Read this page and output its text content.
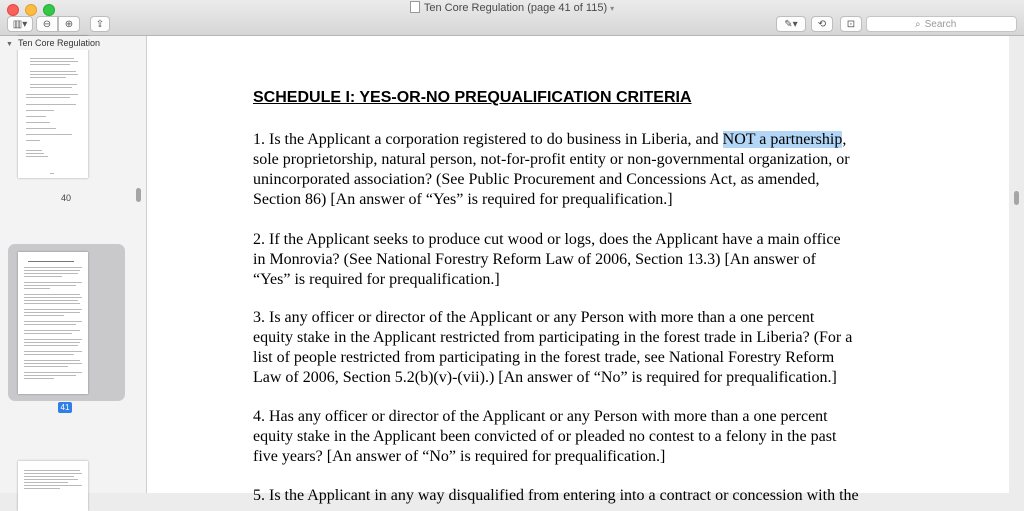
Ten Core Regulation (page 41 of 115) ▾
▥▾ ⊖ ⊕ ⇪	✎▾ ⟲ ⊡	⌕ Search
▼ Ten Core Regulation
40
41
SCHEDULE I: YES-OR-NO PREQUALIFICATION CRITERIA
1. Is the Applicant a corporation registered to do business in Liberia, and NOT a partnership,
sole proprietorship, natural person, not-for-profit entity or non-governmental organization, or
unincorporated association? (See Public Procurement and Concessions Act, as amended,
Section 86) [An answer of “Yes” is required for prequalification.]
2. If the Applicant seeks to produce cut wood or logs, does the Applicant have a main office
in Monrovia? (See National Forestry Reform Law of 2006, Section 13.3) [An answer of
“Yes” is required for prequalification.]
3. Is any officer or director of the Applicant or any Person with more than a one percent
equity stake in the Applicant restricted from participating in the forest trade in Liberia? (For a
list of people restricted from participating in the forest trade, see National Forestry Reform
Law of 2006, Section 5.2(b)(v)-(vii).) [An answer of “No” is required for prequalification.]
4. Has any officer or director of the Applicant or any Person with more than a one percent
equity stake in the Applicant been convicted of or pleaded no contest to a felony in the past
five years? [An answer of “No” is required for prequalification.]
5. Is the Applicant in any way disqualified from entering into a contract or concession with the
